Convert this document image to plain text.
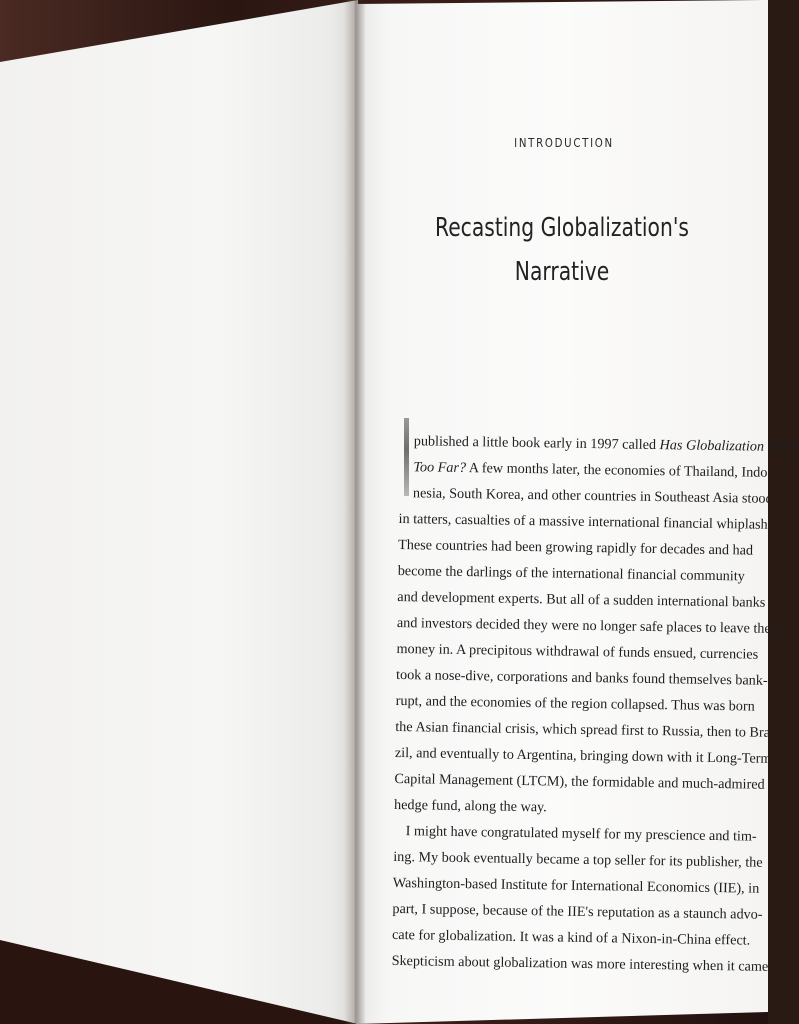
INTRODUCTION
Recasting Globalization's
Narrative

published a little book early in 1997 called Has Globalization Gone
Too Far? A few months later, the economies of Thailand, Indo-
nesia, South Korea, and other countries in Southeast Asia stood
in tatters, casualties of a massive international financial whiplash.
These countries had been growing rapidly for decades and had
become the darlings of the international financial community
and development experts. But all of a sudden international banks
and investors decided they were no longer safe places to leave their
money in. A precipitous withdrawal of funds ensued, currencies
took a nose-dive, corporations and banks found themselves bank-
rupt, and the economies of the region collapsed. Thus was born
the Asian financial crisis, which spread first to Russia, then to Bra-
zil, and eventually to Argentina, bringing down with it Long-Term
Capital Management (LTCM), the formidable and much-admired
hedge fund, along the way.

I might have congratulated myself for my prescience and tim-
ing. My book eventually became a top seller for its publisher, the
Washington-based Institute for International Economics (IIE), in
part, I suppose, because of the IIE's reputation as a staunch advo-
cate for globalization. It was a kind of a Nixon-in-China effect.
Skepticism about globalization was more interesting when it came
